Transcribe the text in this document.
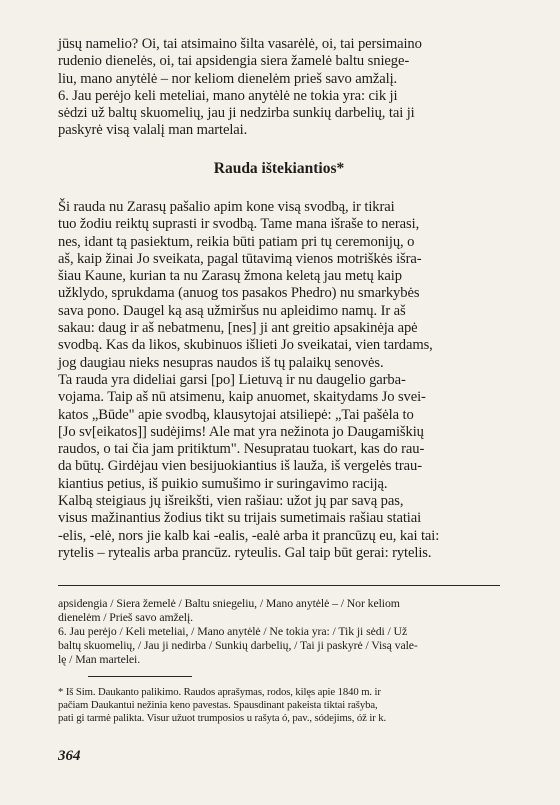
jūsų namelio? Oi, tai atsimaino šilta vasarėlė, oi, tai persimaino
rudenio dienelės, oi, tai apsidengia siera žamelė baltu sniege-
liu, mano anytėlė – nor keliom dienelėm prieš savo amžalį.
6. Jau perėjo keli meteliai, mano anytėlė ne tokia yra: cik ji
sėdzi už baltų skuomelių, jau ji nedzirba sunkių darbelių, tai ji
paskyrė visą valalį man martelai.
Rauda ištekiantios*
Ši rauda nu Zarasų pašalio apim kone visą svodbą, ir tikrai
tuo žodiu reiktų suprasti ir svodbą. Tame mana išraše to nerasi,
nes, idant tą pasiektum, reikia būti patiam pri tų ceremonijų, o
aš, kaip žinai Jo sveikata, pagal tūtavimą vienos motriškės išra-
šiau Kaune, kurian ta nu Zarasų žmona keletą jau metų kaip
užklydo, sprukdama (anuog tos pasakos Phedro) nu smarkybės
sava pono. Daugel ką asą užmiršus nu apleidimo namų. Ir aš
sakau: daug ir aš nebatmenu, [nes] ji ant greitio apsakinėja apė
svodbą. Kas da likos, skubinuos išlieti Jo sveikatai, vien tardams,
jog daugiau nieks nesupras naudos iš tų palaikų senovės.
Ta rauda yra dideliai garsi [po] Lietuvą ir nu daugelio garba-
vojama. Taip aš nū atsimenu, kaip anuomet, skaitydams Jo svei-
katos „Būde" apie svodbą, klausytojai atsiliepė: „Tai pašėla to
[Jo sv[eikatos]] sudėjims! Ale mat yra nežinota jo Daugamiškių
raudos, o tai čia jam pritiktum". Nesupratau tuokart, kas do rau-
da būtų. Girdėjau vien besijuokiantius iš lauža, iš vergelės trau-
kiantius petius, iš puikio sumušimo ir suringavimo raciją.
Kalbą steigiaus jų išreikšti, vien rašiau: užot jų par savą pas,
visus mažinantius žodius tikt su trijais sumetimais rašiau statiai
-elis, -elė, nors jie kalb kai -ealis, -ealė arba it prancūzų eu, kai tai:
rytelis – rytealis arba prancūz. ryteulis. Gal taip būt gerai: rytelis.
apsidengia / Siera žemelė / Baltu sniegeliu, / Mano anytėlė – / Nor keliom
dienelėm / Prieš savo amželį.
6. Jau perėjo / Keli meteliai, / Mano anytėlė / Ne tokia yra: / Tik ji sėdi / Už
baltų skuomelių, / Jau ji nedirba / Sunkių darbelių, / Tai ji paskyrė / Visą vale-
lę / Man martelei.
* Iš Sim. Daukanto palikimo. Raudos aprašymas, rodos, kilęs apie 1840 m. ir
pačiam Daukantui nežinia keno pavestas. Spausdinant pakeista tiktai rašyba,
pati gi tarmė palikta. Visur užuot trumposios u rašyta ó, pav., sódejims, óž ir k.
364
